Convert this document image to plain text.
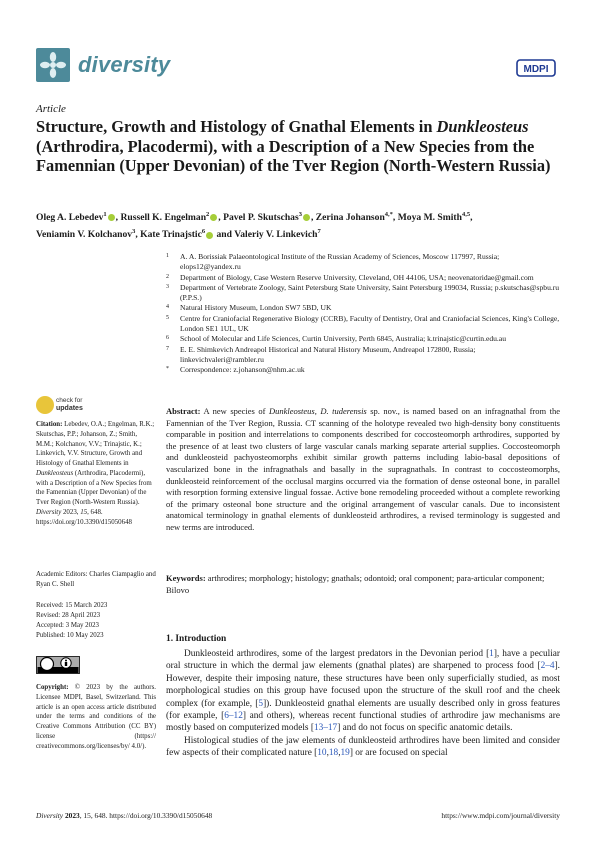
diversity	MDPI
Article
Structure, Growth and Histology of Gnathal Elements in Dunkleosteus (Arthrodira, Placodermi), with a Description of a New Species from the Famennian (Upper Devonian) of the Tver Region (North-Western Russia)
Oleg A. Lebedev$^1$ , Russell K. Engelman$^2$ , Pavel P. Skutschas$^3$ , Zerina Johanson$^{4,*}$, Moya M. Smith$^{4,5}$,
Veniamin V. Kolchanov$^3$, Kate Trinajstic$^6$ and Valeriy V. Linkevich$^7$
1 A. A. Borissiak Palaeontological Institute of the Russian Academy of Sciences, Moscow 117997, Russia; elops12@yandex.ru
2 Department of Biology, Case Western Reserve University, Cleveland, OH 44106, USA; neovenatoridae@gmail.com
3 Department of Vertebrate Zoology, Saint Petersburg State University, Saint Petersburg 199034, Russia; p.skutschas@spbu.ru (P.P.S.)
4 Natural History Museum, London SW7 5BD, UK
5 Centre for Craniofacial Regenerative Biology (CCRB), Faculty of Dentistry, Oral and Craniofacial Sciences, King's College, London SE1 1UL, UK
6 School of Molecular and Life Sciences, Curtin University, Perth 6845, Australia; k.trinajstic@curtin.edu.au
7 E. E. Shimkevich Andreapol Historical and Natural History Museum, Andreapol 172800, Russia; linkevichvaleri@rambler.ru
* Correspondence: z.johanson@nhm.ac.uk
check for
updates
Citation: Lebedev, O.A.; Engelman, R.K.; Skutschas, P.P.; Johanson, Z.; Smith, M.M.; Kolchanov, V.V.; Trinajstic, K.; Linkevich, V.V. Structure, Growth and Histology of Gnathal Elements in Dunkleosteus (Arthrodira, Placodermi), with a Description of a New Species from the Famennian (Upper Devonian) of the Tver Region (North-Western Russia). Diversity 2023, 15, 648. https://doi.org/10.3390/d15050648
Academic Editors: Charles Ciampaglio and Ryan C. Shell
Received: 15 March 2023
Revised: 28 April 2023
Accepted: 3 May 2023
Published: 10 May 2023
Copyright: © 2023 by the authors. Licensee MDPI, Basel, Switzerland. This article is an open access article distributed under the terms and conditions of the Creative Commons Attribution (CC BY) license (https:// creativecommons.org/licenses/by/ 4.0/).
Abstract: A new species of Dunkleosteus, D. tuderensis sp. nov., is named based on an infragnathal from the Famennian of the Tver Region, Russia. CT scanning of the holotype revealed two high-density bony constituents comparable in position and interrelations to components described for coccosteomorph arthrodires, supported by the presence of at least two clusters of large vascular canals marking separate arterial supplies. Coccosteomorph and dunkleosteid pachyosteomorphs exhibit similar growth patterns including labio-basal depositions of vascularized bone in the infragnathals and basally in the supragnathals. In contrast to coccosteomorphs, dunkleosteid reinforcement of the occlusal margins occurred via the formation of dense osteonal bone, in parallel with resorption forming extensive lingual fossae. Active bone remodeling proceeded without a complete reworking of the primary osteonal bone structure and the original arrangement of vascular canals. Due to inconsistent anatomical terminology in gnathal elements of dunkleosteid arthrodires, a revised terminology is suggested and new terms are introduced.
Keywords: arthrodires; morphology; histology; gnathals; odontoid; oral component; para-articular component; Bilovo
1. Introduction

Dunkleosteid arthrodires, some of the largest predators in the Devonian period [1], have a peculiar oral structure in which the dermal jaw elements (gnathal plates) are sharpened to process food [2–4]. However, despite their imposing nature, these structures have been only superficially studied, as most morphological studies on this group have focused upon the structure of the skull roof and the cheek complex (for example, [5]). Dunkleosteid gnathal elements are usually described only in gross features (for example, [6–12] and others), whereas recent functional studies of arthrodire jaw mechanisms are mostly based on computerized models [13–17] and do not focus on specific anatomic details.

Histological studies of the jaw elements of dunkleosteid arthrodires have been limited and consider few aspects of their complicated nature [10,18,19] or are focused on special

Diversity 2023, 15, 648. https://doi.org/10.3390/d15050648	https://www.mdpi.com/journal/diversity
